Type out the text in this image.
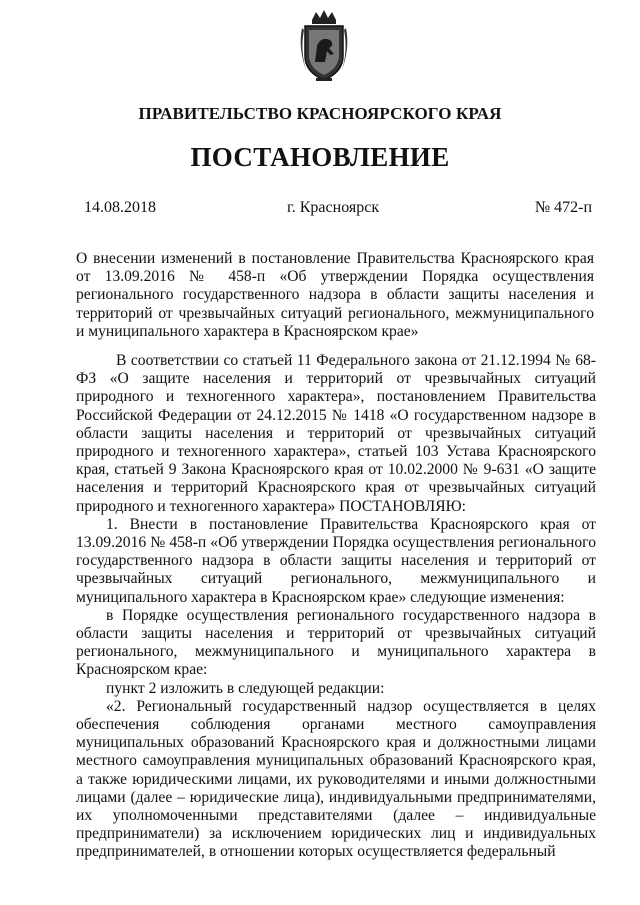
ПРАВИТЕЛЬСТВО КРАСНОЯРСКОГО КРАЯ
ПОСТАНОВЛЕНИЕ
14.08.2018	г. Красноярск	№ 472-п
О внесении изменений в постановление Правительства Красноярского края от 13.09.2016 № 458-п «Об утверждении Порядка осуществления регионального государственного надзора в области защиты населения и территорий от чрезвычайных ситуаций регионального, межмуниципального и муниципального характера в Красноярском крае»

В соответствии со статьей 11 Федерального закона от 21.12.1994 № 68-ФЗ «О защите населения и территорий от чрезвычайных ситуаций природного и техногенного характера», постановлением Правительства Российской Федерации от 24.12.2015 № 1418 «О государственном надзоре в области защиты населения и территорий от чрезвычайных ситуаций природного и техногенного характера», статьей 103 Устава Красноярского края, статьей 9 Закона Красноярского края от 10.02.2000 № 9-631 «О защите населения и территорий Красноярского края от чрезвычайных ситуаций природного и техногенного характера» ПОСТАНОВЛЯЮ:

1. Внести в постановление Правительства Красноярского края от 13.09.2016 № 458-п «Об утверждении Порядка осуществления регионального государственного надзора в области защиты населения и территорий от чрезвычайных ситуаций регионального, межмуниципального и муниципального характера в Красноярском крае» следующие изменения:

в Порядке осуществления регионального государственного надзора в области защиты населения и территорий от чрезвычайных ситуаций регионального, межмуниципального и муниципального характера в Красноярском крае:

пункт 2 изложить в следующей редакции:

«2. Региональный государственный надзор осуществляется в целях обеспечения соблюдения органами местного самоуправления муниципальных образований Красноярского края и должностными лицами местного самоуправления муниципальных образований Красноярского края, а также юридическими лицами, их руководителями и иными должностными лицами (далее – юридические лица), индивидуальными предпринимателями, их уполномоченными представителями (далее – индивидуальные предприниматели) за исключением юридических лиц и индивидуальных предпринимателей, в отношении которых осуществляется федеральный
